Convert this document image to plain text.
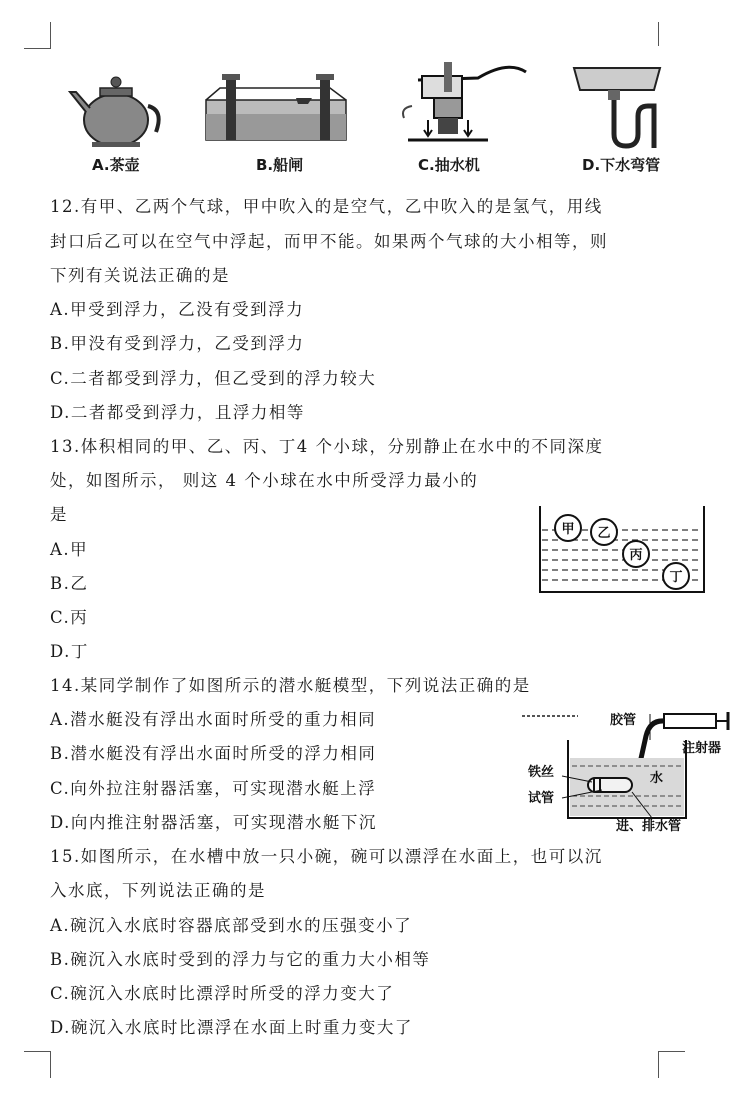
A.茶壶	B.船闸	C.抽水机	D.下水弯管
12.有甲、乙两个气球，甲中吹入的是空气，乙中吹入的是氢气，用线
封口后乙可以在空气中浮起，而甲不能。如果两个气球的大小相等，则
下列有关说法正确的是
A.甲受到浮力，乙没有受到浮力
B.甲没有受到浮力，乙受到浮力
C.二者都受到浮力，但乙受到的浮力较大
D.二者都受到浮力，且浮力相等
13.体积相同的甲、乙、丙、丁4 个小球，分别静止在水中的不同深度
处，如图所示， 则这 4 个小球在水中所受浮力最小的
是
A.甲
B.乙
C.丙
D.丁
甲 乙
丙
丁
14.某同学制作了如图所示的潜水艇模型，下列说法正确的是
A.潜水艇没有浮出水面时所受的重力相同
B.潜水艇没有浮出水面时所受的浮力相同
C.向外拉注射器活塞，可实现潜水艇上浮
D.向内推注射器活塞，可实现潜水艇下沉
胶管
注射器
铁丝
试管
水
进、排水管
15.如图所示，在水槽中放一只小碗，碗可以漂浮在水面上，也可以沉
入水底，下列说法正确的是
A.碗沉入水底时容器底部受到水的压强变小了
B.碗沉入水底时受到的浮力与它的重力大小相等
C.碗沉入水底时比漂浮时所受的浮力变大了
D.碗沉入水底时比漂浮在水面上时重力变大了
